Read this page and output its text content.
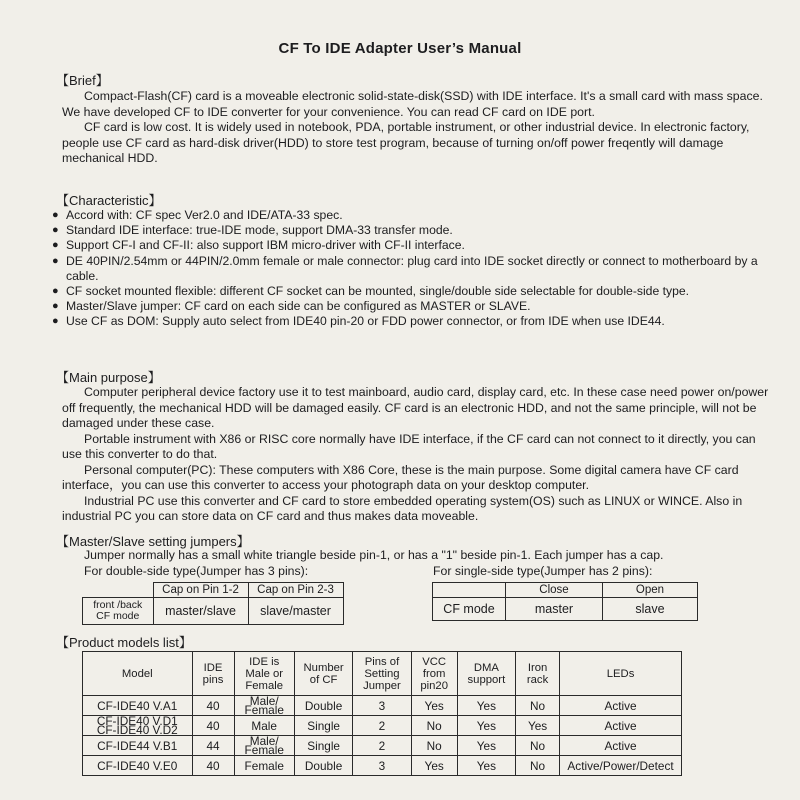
CF To IDE Adapter User’s Manual
【Brief】

Compact-Flash(CF) card is a moveable electronic solid-state-disk(SSD) with IDE interface. It's a small card with mass space. We have developed CF to IDE converter for your convenience. You can read CF card on IDE port.

CF card is low cost. It is widely used in notebook, PDA, portable instrument, or other industrial device. In electronic factory, people use CF card as hard-disk driver(HDD) to store test program, because of turning on/off power freqently will damage mechanical HDD.

【Characteristic】
● Accord with: CF spec Ver2.0 and IDE/ATA-33 spec.
● Standard IDE interface: true-IDE mode, support DMA-33 transfer mode.
● Support CF-I and CF-II: also support IBM micro-driver with CF-II interface.
● DE 40PIN/2.54mm or 44PIN/2.0mm female or male connector: plug card into IDE socket directly or connect to motherboard by a cable.
● CF socket mounted flexible: different CF socket can be mounted, single/double side selectable for double-side type.
● Master/Slave jumper: CF card on each side can be configured as MASTER or SLAVE.
● Use CF as DOM: Supply auto select from IDE40 pin-20 or FDD power connector, or from IDE when use IDE44.
【Main purpose】

Computer peripheral device factory use it to test mainboard, audio card, display card, etc. In these case need power on/power off frequently, the mechanical HDD will be damaged easily. CF card is an electronic HDD, and not the same principle, will not be damaged under these case.

Portable instrument with X86 or RISC core normally have IDE interface, if the CF card can not connect to it directly, you can use this converter to do that.

Personal computer(PC): These computers with X86 Core, these is the main purpose. Some digital camera have CF card interface，you can use this converter to access your photograph data on your desktop computer.

Industrial PC use this converter and CF card to store embedded operating system(OS) such as LINUX or WINCE. Also in industrial PC you can store data on CF card and thus makes data moveable.

【Master/Slave setting jumpers】
Jumper normally has a small white triangle beside pin-1, or has a "1" beside pin-1. Each jumper has a cap.
For double-side type(Jumper has 3 pins):	For single-side type(Jumper has 2 pins):
	Cap on Pin 1-2	Cap on Pin 2-3
front /back CF mode	master/slave	slave/master
	Close	Open
CF mode	master	slave
【Product models list】
Model	IDE pins	IDE is Male or Female	Number of CF	Pins of Setting Jumper	VCC from pin20	DMA support	Iron rack	LEDs
CF-IDE40 V.A1	40	Male/ Female	Double	3	Yes	Yes	No	Active
CF-IDE40 V.D1 CF-IDE40 V.D2	40	Male	Single	2	No	Yes	Yes	Active
CF-IDE44 V.B1	44	Male/ Female	Single	2	No	Yes	No	Active
CF-IDE40 V.E0	40	Female	Double	3	Yes	Yes	No	Active/Power/Detect
